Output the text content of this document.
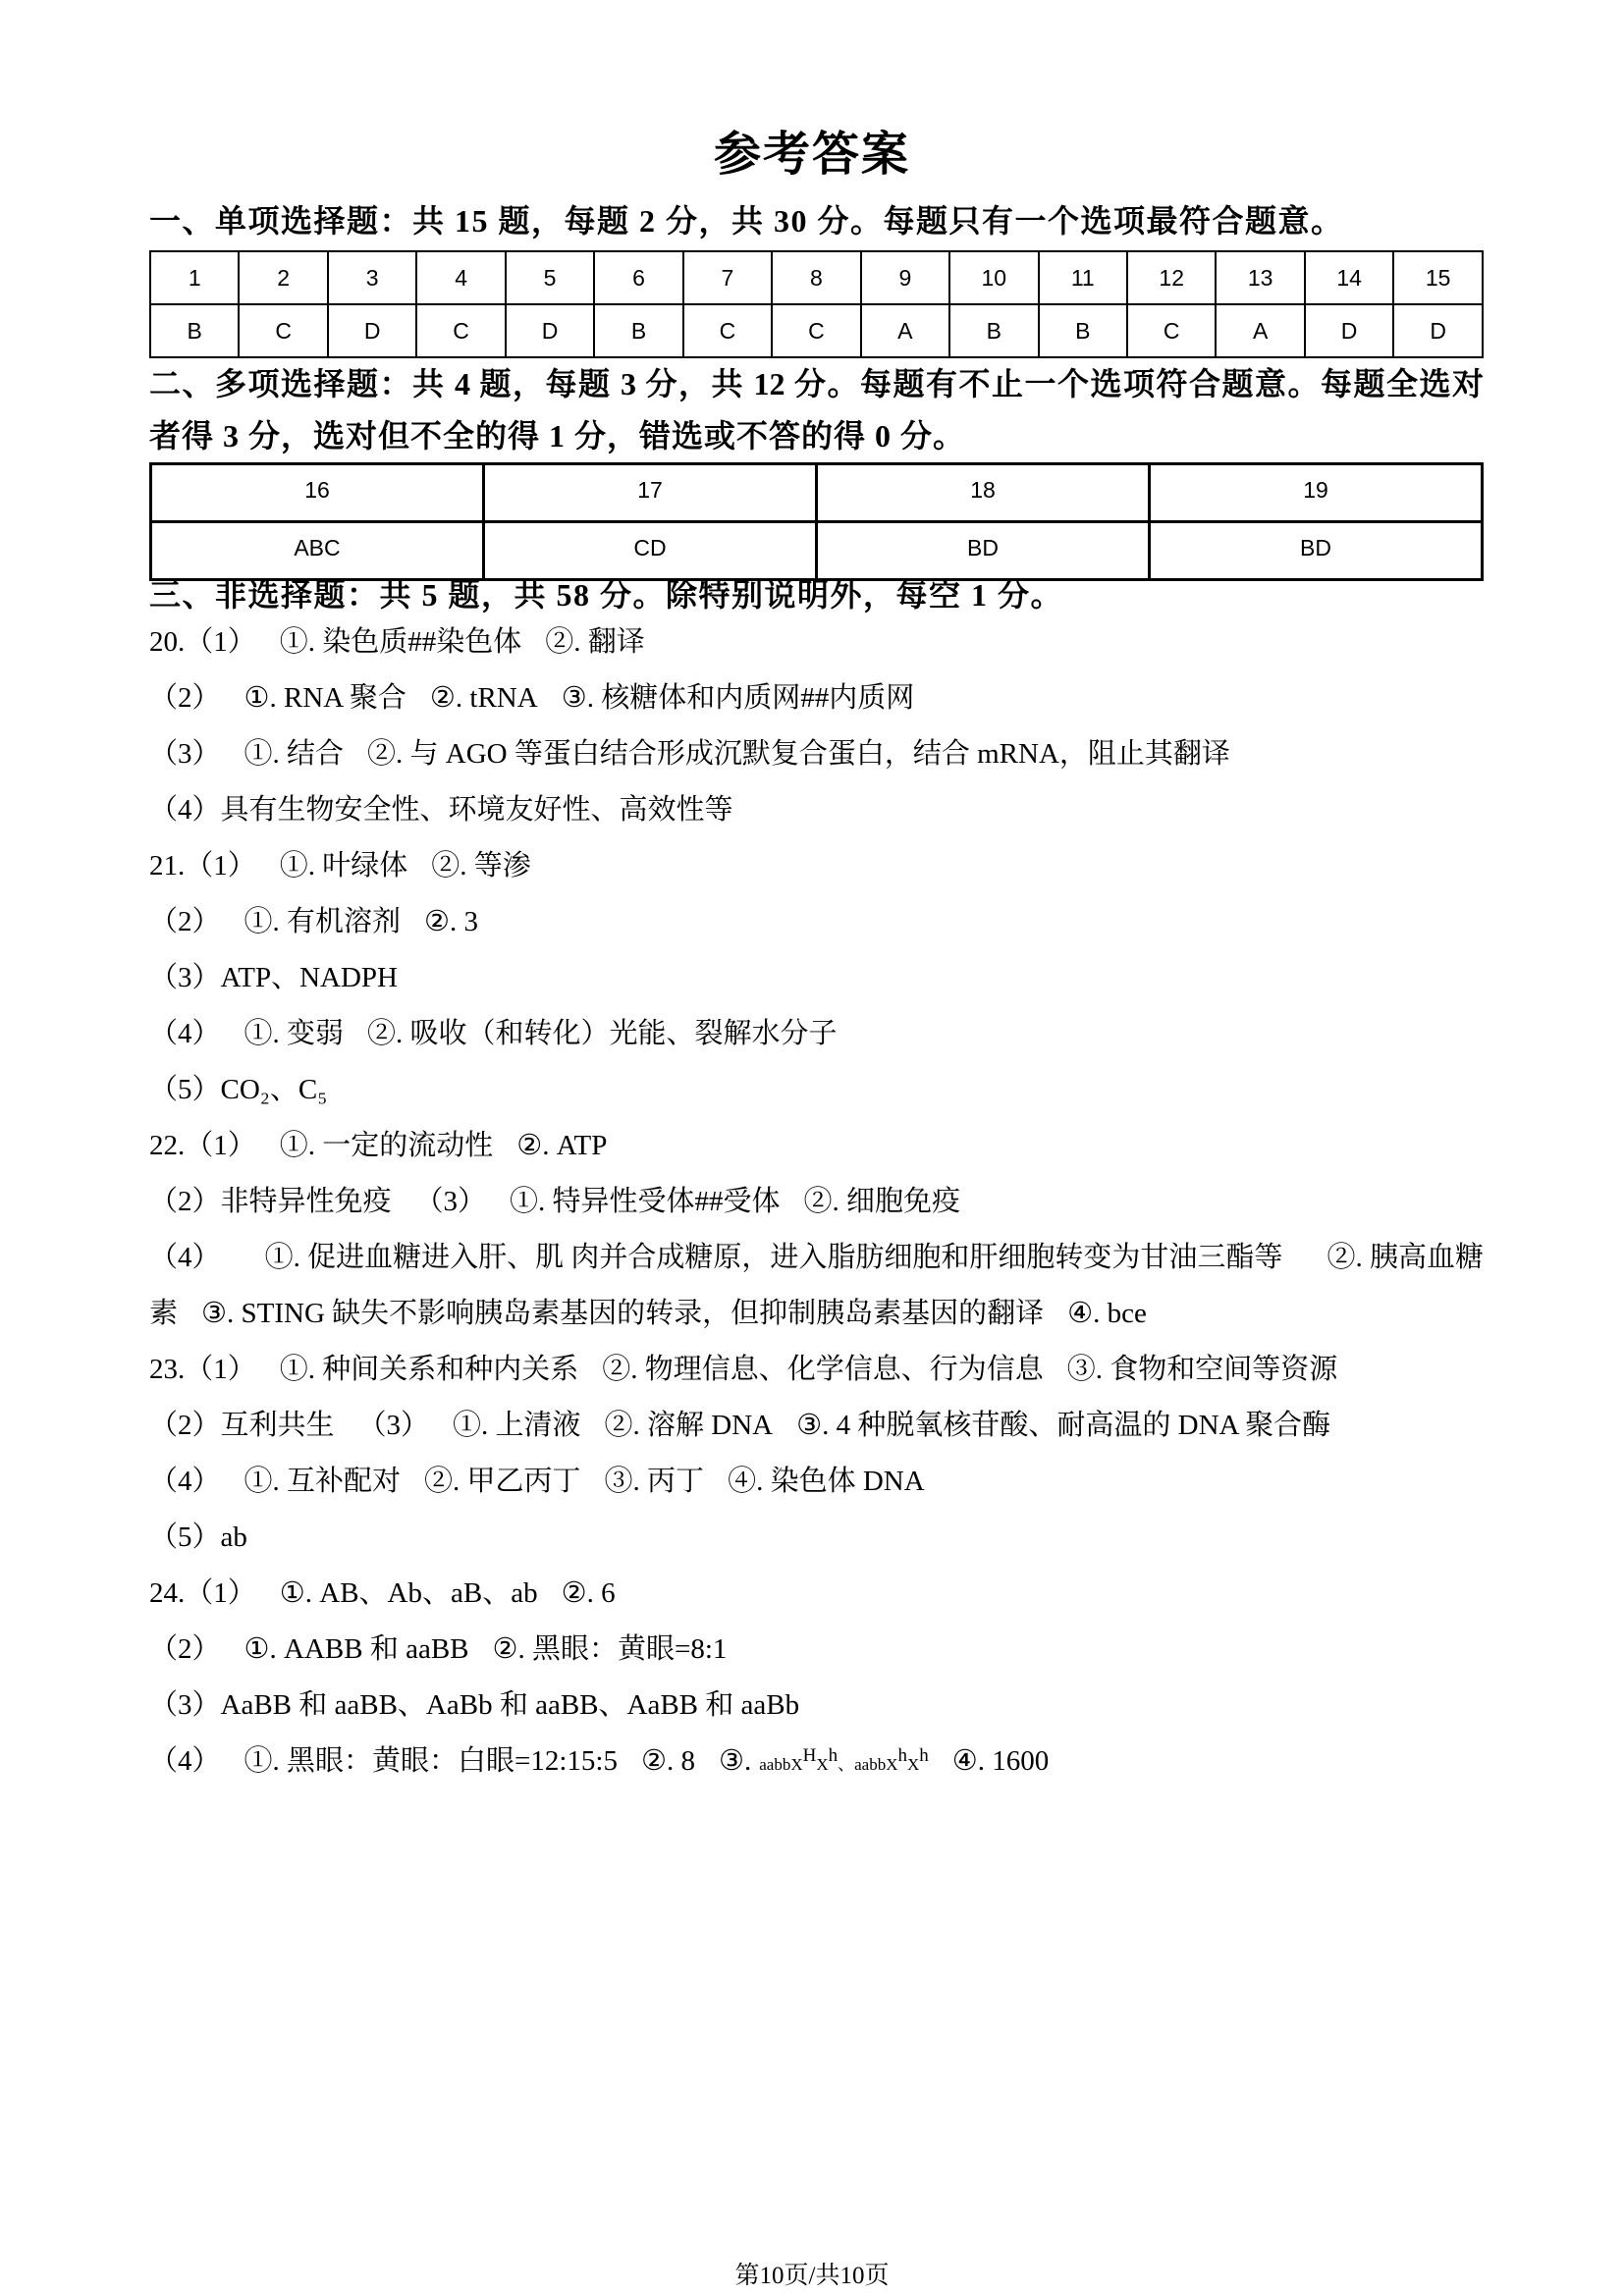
参考答案
一、单项选择题：共 15 题，每题 2 分，共 30 分。每题只有一个选项最符合题意。
1	2	3	4	5	6	7	8	9	10	11	12	13	14	15
B	C	D	C	D	B	C	C	A	B	B	C	A	D	D
二、多项选择题：共 4 题，每题 3 分，共 12 分。每题有不止一个选项符合题意。每题全选对
者得 3 分，选对但不全的得 1 分，错选或不答的得 0 分。
16	17	18	19
ABC	CD	BD	BD
三、非选择题：共 5 题，共 58 分。除特别说明外，每空 1 分。
20.（1） ①. 染色质##染色体 ②. 翻译
（2） ①. RNA 聚合 ②. tRNA ③. 核糖体和内质网##内质网
（3） ①. 结合 ②. 与 AGO 等蛋白结合形成沉默复合蛋白，结合 mRNA，阻止其翻译
（4）具有生物安全性、环境友好性、高效性等
21.（1） ①. 叶绿体 ②. 等渗
（2） ①. 有机溶剂 ②. 3
（3）ATP、NADPH
（4） ①. 变弱 ②. 吸收（和转化）光能、裂解水分子
（5）CO₂、C₅
22.（1） ①. 一定的流动性 ②. ATP
（2）非特异性免疫 （3） ①. 特异性受体##受体 ②. 细胞免疫
（4） ①. 促进血糖进入肝、肌 肉并合成糖原，进入脂肪细胞和肝细胞转变为甘油三酯等 ②. 胰高血糖
素 ③. STING 缺失不影响胰岛素基因的转录，但抑制胰岛素基因的翻译 ④. bce
23.（1） ①. 种间关系和种内关系 ②. 物理信息、化学信息、行为信息 ③. 食物和空间等资源
（2）互利共生 （3） ①. 上清液 ②. 溶解 DNA ③. 4 种脱氧核苷酸、耐高温的 DNA 聚合酶
（4） ①. 互补配对 ②. 甲乙丙丁 ③. 丙丁 ④. 染色体 DNA
（5）ab
24.（1） ①. AB、Ab、aB、ab ②. 6
（2） ①. AABB 和 aaBB ②. 黑眼：黄眼=8:1
（3）AaBB 和 aaBB、AaBb 和 aaBB、AaBB 和 aaBb
（4） ①. 黑眼：黄眼：白眼=12:15:5 ②. 8 ③. $aabbX^HX^h$、$aabbX^hX^h$ ④. 1600
第10页/共10页
